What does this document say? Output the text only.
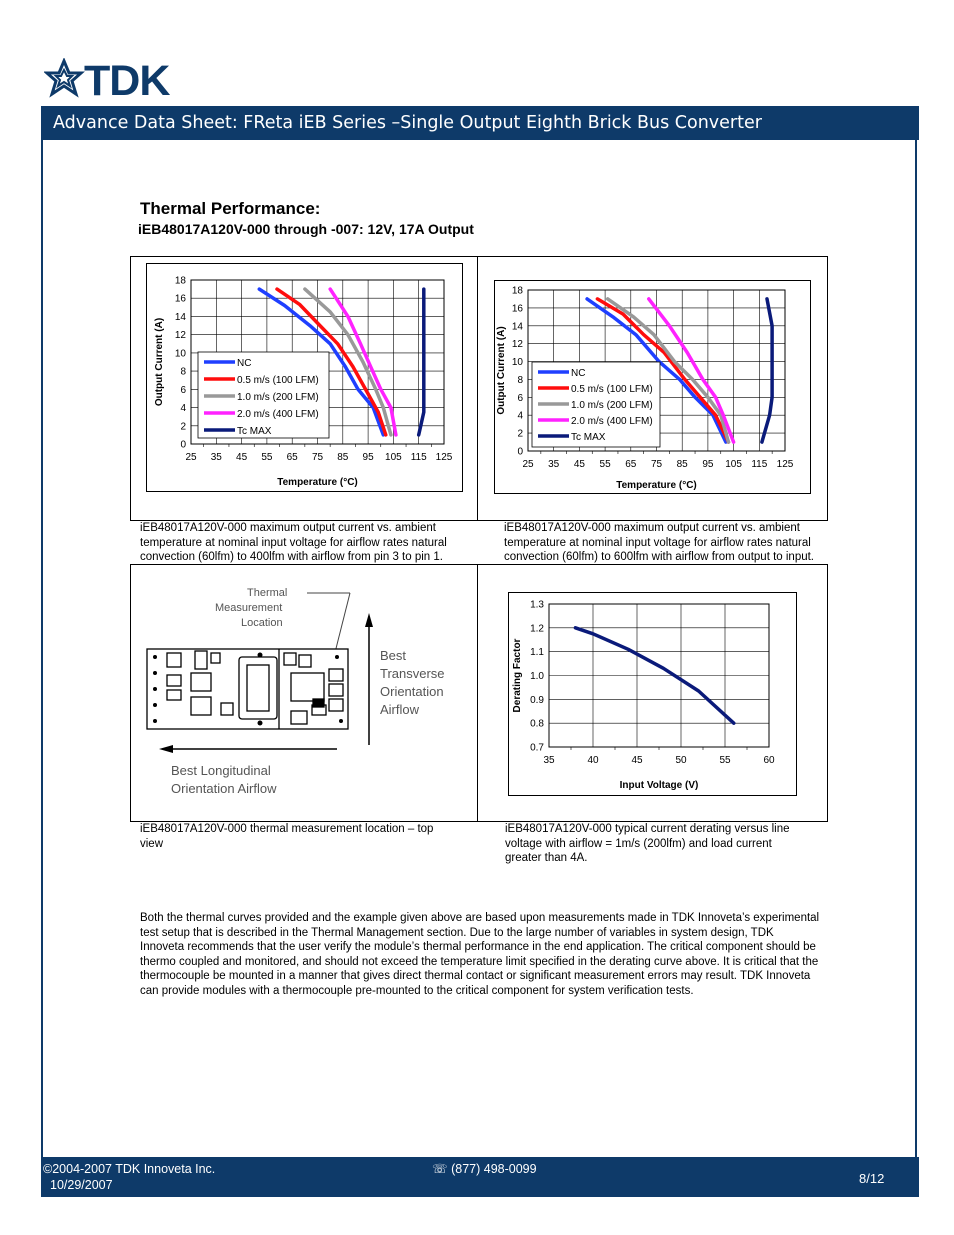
TDK
Advance Data Sheet: FReta iEB Series –Single Output Eighth Brick Bus Converter
Thermal Performance:
iEB48017A120V-000 through -007: 12V, 17A Output
25 35 45 55 65 75 85 95 105 115 125
0
2
4
6
8
10
12
14
16
18
Temperature (°C)
Output Current (A)	NC
0.5 m/s (100 LFM)
1.0 m/s (200 LFM)
2.0 m/s (400 LFM)
Tc MAX
25 35 45 55 65 75 85 95 105 115 125
0
2
4
6
8
10
12
14
16
18
Temperature (°C)
Output Current (A)	NC
0.5 m/s (100 LFM)
1.0 m/s (200 LFM)
2.0 m/s (400 LFM)
Tc MAX
35	40	45	50	55	60
0.7
0.8
0.9
1.0
1.1
1.2
1.3
Input Voltage (V)
Derating Factor
Thermal
Measurement
Location
Best
Transverse
Orientation
Airflow
Best Longitudinal
Orientation Airflow
iEB48017A120V-000 maximum output current vs. ambient temperature at nominal input voltage for airflow rates natural convection (60lfm) to 400lfm with airflow from pin 3 to pin 1.
iEB48017A120V-000 maximum output current vs. ambient temperature at nominal input voltage for airflow rates natural convection (60lfm) to 600lfm with airflow from output to input.
iEB48017A120V-000 thermal measurement location – top view
iEB48017A120V-000 typical current derating versus line voltage with airflow = 1m/s (200lfm) and load current greater than 4A.
Both the thermal curves provided and the example given above are based upon measurements made in TDK Innoveta’s experimental test setup that is described in the Thermal Management section. Due to the large number of variables in system design, TDK Innoveta recommends that the user verify the module’s thermal performance in the end application. The critical component should be thermo coupled and monitored, and should not exceed the temperature limit specified in the derating curve above. It is critical that the thermocouple be mounted in a manner that gives direct thermal contact or significant measurement errors may result. TDK Innoveta can provide modules with a thermocouple pre-mounted to the critical component for system verification tests.
©2004-2007 TDK Innoveta Inc.
10/29/2007
☏ (877) 498-0099
8/12
